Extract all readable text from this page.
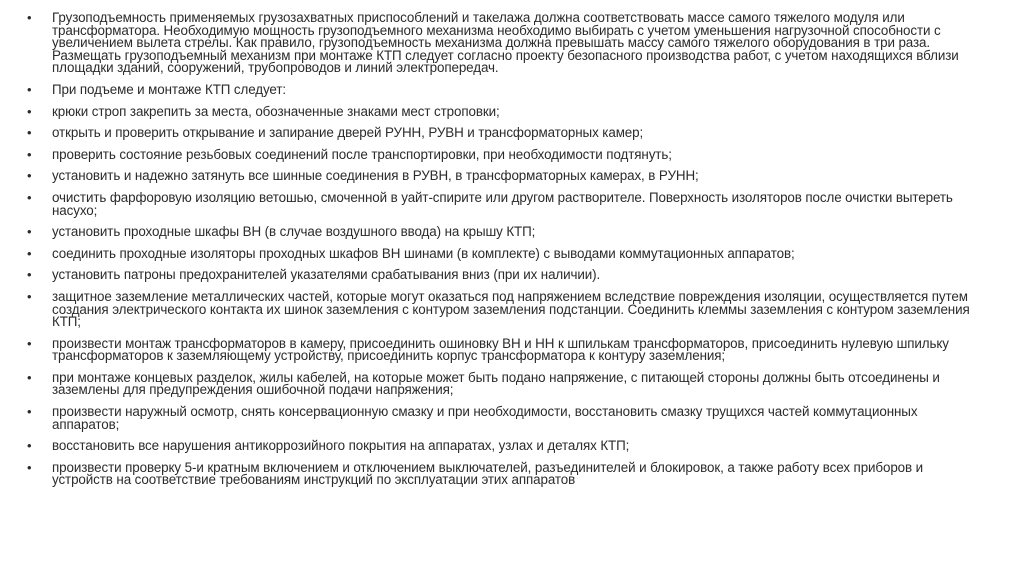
• Грузоподъемность применяемых грузозахватных приспособлений и такелажа должна соответствовать массе самого тяжелого модуля или трансформатора. Необходимую мощность грузоподъемного механизма необходимо выбирать с учетом уменьшения нагрузочной способности с увеличением вылета стрелы. Как правило, грузоподъемность механизма должна превышать массу самого тяжелого оборудования в три раза. Размещать грузоподъемный механизм при монтаже КТП следует согласно проекту безопасного производства работ, с учетом находящихся вблизи площадки зданий, сооружений, трубопроводов и линий электропередач.
• При подъеме и монтаже КТП следует:
• крюки строп закрепить за места, обозначенные знаками мест строповки;
• открыть и проверить открывание и запирание дверей РУНН, РУВН и трансформаторных камер;
• проверить состояние резьбовых соединений после транспортировки, при необходимости подтянуть;
• установить и надежно затянуть все шинные соединения в РУВН, в трансформаторных камерах, в РУНН;
• очистить фарфоровую изоляцию ветошью, смоченной в уайт-спирите или другом растворителе. Поверхность изоляторов после очистки вытереть насухо;
• установить проходные шкафы ВН (в случае воздушного ввода) на крышу КТП;
• соединить проходные изоляторы проходных шкафов ВН шинами (в комплекте) с выводами коммутационных аппаратов;
• установить патроны предохранителей указателями срабатывания вниз (при их наличии).
• защитное заземление металлических частей, которые могут оказаться под напряжением вследствие повреждения изоляции, осуществляется путем создания электрического контакта их шинок заземления с контуром заземления подстанции. Соединить клеммы заземления с контуром заземления КТП;
• произвести монтаж трансформаторов в камеру, присоединить ошиновку ВН и НН к шпилькам трансформаторов, присоединить нулевую шпильку трансформаторов к заземляющему устройству, присоединить корпус трансформатора к контуру заземления;
• при монтаже концевых разделок, жилы кабелей, на которые может быть подано напряжение, с питающей стороны должны быть отсоединены и заземлены для предупреждения ошибочной подачи напряжения;
• произвести наружный осмотр, снять консервационную смазку и при необходимости, восстановить смазку трущихся частей коммутационных аппаратов;
• восстановить все нарушения антикоррозийного покрытия на аппаратах, узлах и деталях КТП;
• произвести проверку 5-и кратным включением и отключением выключателей, разъединителей и блокировок, а также работу всех приборов и устройств на соответствие требованиям инструкций по эксплуатации этих аппаратов
